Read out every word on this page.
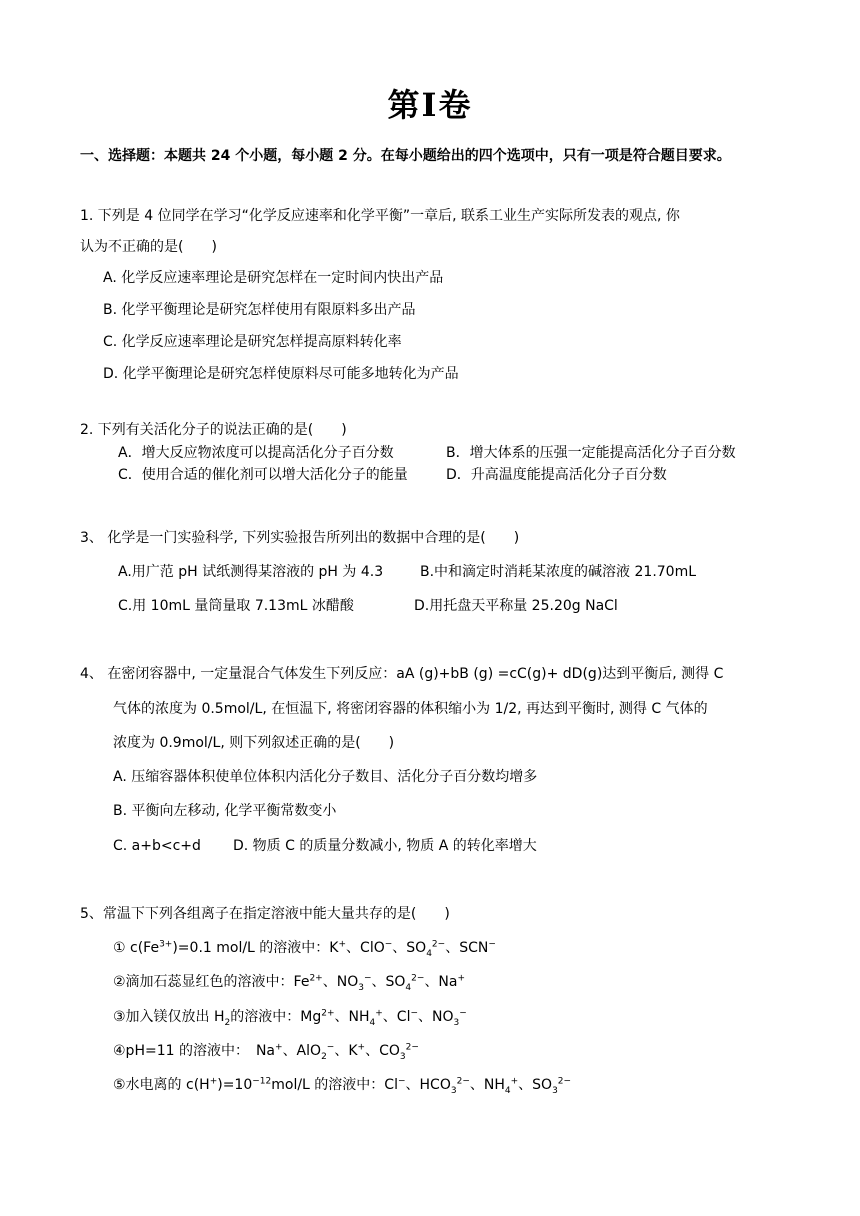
第Ⅰ卷
一、选择题：本题共 24 个小题，每小题 2 分。在每小题给出的四个选项中，只有一项是符合题目要求。
1. 下列是 4 位同学在学习“化学反应速率和化学平衡”一章后, 联系工业生产实际所发表的观点, 你
认为不正确的是(　　)
A. 化学反应速率理论是研究怎样在一定时间内快出产品
B. 化学平衡理论是研究怎样使用有限原料多出产品
C. 化学反应速率理论是研究怎样提高原料转化率
D. 化学平衡理论是研究怎样使原料尽可能多地转化为产品
2. 下列有关活化分子的说法正确的是(　　)
A．增大反应物浓度可以提高活化分子百分数	B．增大体系的压强一定能提高活化分子百分数
C．使用合适的催化剂可以增大活化分子的能量	D．升高温度能提高活化分子百分数
3、 化学是一门实验科学, 下列实验报告所列出的数据中合理的是(　　)
A.用广范 pH 试纸测得某溶液的 pH 为 4.3	B.中和滴定时消耗某浓度的碱溶液 21.70mL
C.用 10mL 量筒量取 7.13mL 冰醋酸	D.用托盘天平称量 25.20g NaCl
4、 在密闭容器中, 一定量混合气体发生下列反应：aA (g)+bB (g) =cC(g)+ dD(g)达到平衡后, 测得 C
气体的浓度为 0.5mol/L, 在恒温下, 将密闭容器的体积缩小为 1/2, 再达到平衡时, 测得 C 气体的
浓度为 0.9mol/L, 则下列叙述正确的是(　　)
A. 压缩容器体积使单位体积内活化分子数目、活化分子百分数均增多
B. 平衡向左移动, 化学平衡常数变小
C. a+b<c+d D. 物质 C 的质量分数减小, 物质 A 的转化率增大
5、常温下下列各组离子在指定溶液中能大量共存的是(　　)
① $c(Fe^{3+})=0.1$ mol/L 的溶液中：K+、ClO−、$SO_4^{2-}$、SCN−
②滴加石蕊显红色的溶液中：$Fe^{2+}$、$NO_3^-$、$SO_4^{2-}$、Na+
③加入镁仅放出 $H_2$的溶液中：$Mg^{2+}$、$NH_4^+$、Cl−、$NO_3^-$
④pH=11 的溶液中：　Na+、AlO$_2$−、K+、$CO_3^{2-}$
⑤水电离的 $c(H^+)=10^{-12}mol/L$ 的溶液中：Cl−、$HCO_3^{2-}$、$NH_4^+$、$SO_3^{2-}$
